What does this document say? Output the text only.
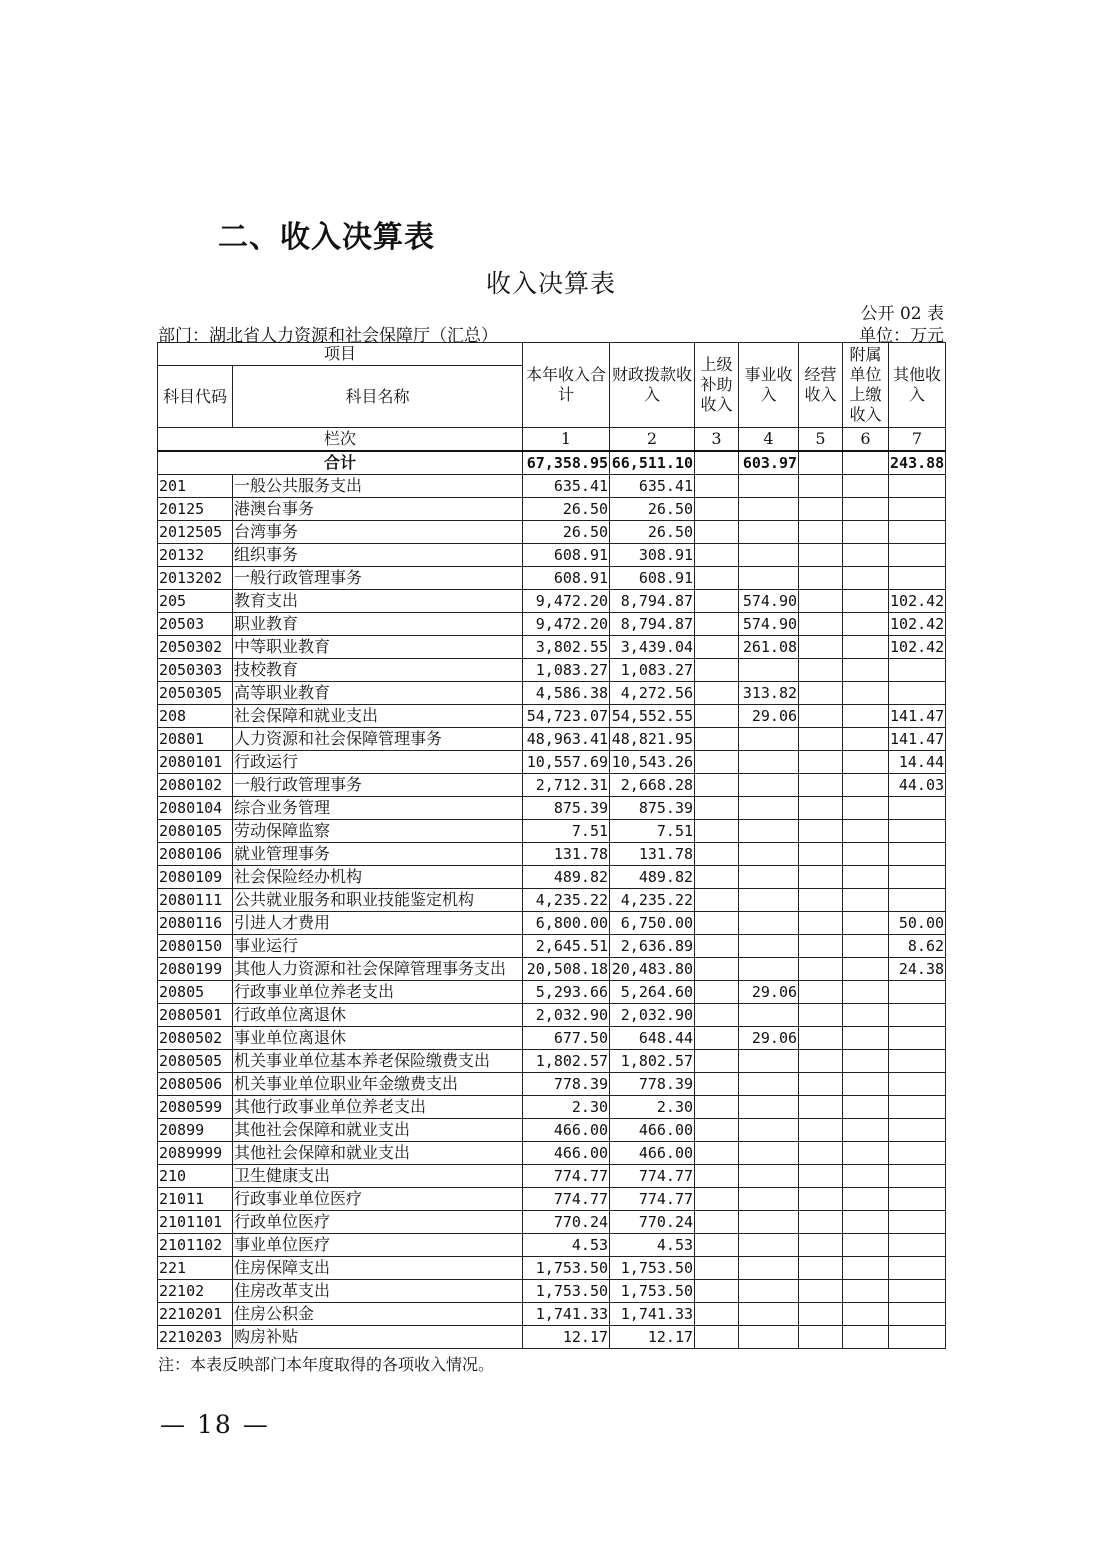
二、收入决算表
收入决算表
公开 02 表
部门：湖北省人力资源和社会保障厅（汇总）	单位：万元
项目		本年收入合计	财政拨款收入	上级补助收入	事业收入	经营收入	附属单位上缴收入	其他收入
科目代码	科目名称							
栏次		1	2	3	4	5	6	7
合计		67,358.95	66,511.10		603.97			243.88
201	一般公共服务支出	635.41	635.41					
20125	港澳台事务	26.50	26.50					
2012505	台湾事务	26.50	26.50					
20132	组织事务	608.91	308.91					
2013202	一般行政管理事务	608.91	608.91					
205	教育支出	9,472.20	8,794.87		574.90			102.42
20503	职业教育	9,472.20	8,794.87		574.90			102.42
2050302	中等职业教育	3,802.55	3,439.04		261.08			102.42
2050303	技校教育	1,083.27	1,083.27					
2050305	高等职业教育	4,586.38	4,272.56		313.82			
208	社会保障和就业支出	54,723.07	54,552.55		29.06			141.47
20801	人力资源和社会保障管理事务	48,963.41	48,821.95					141.47
2080101	行政运行	10,557.69	10,543.26					14.44
2080102	一般行政管理事务	2,712.31	2,668.28					44.03
2080104	综合业务管理	875.39	875.39					
2080105	劳动保障监察	7.51	7.51					
2080106	就业管理事务	131.78	131.78					
2080109	社会保险经办机构	489.82	489.82					
2080111	公共就业服务和职业技能鉴定机构	4,235.22	4,235.22					
2080116	引进人才费用	6,800.00	6,750.00					50.00
2080150	事业运行	2,645.51	2,636.89					8.62
2080199	其他人力资源和社会保障管理事务支出	20,508.18	20,483.80					24.38
20805	行政事业单位养老支出	5,293.66	5,264.60		29.06			
2080501	行政单位离退休	2,032.90	2,032.90					
2080502	事业单位离退休	677.50	648.44		29.06			
2080505	机关事业单位基本养老保险缴费支出	1,802.57	1,802.57					
2080506	机关事业单位职业年金缴费支出	778.39	778.39					
2080599	其他行政事业单位养老支出	2.30	2.30					
20899	其他社会保障和就业支出	466.00	466.00					
2089999	其他社会保障和就业支出	466.00	466.00					
210	卫生健康支出	774.77	774.77					
21011	行政事业单位医疗	774.77	774.77					
2101101	行政单位医疗	770.24	770.24					
2101102	事业单位医疗	4.53	4.53					
221	住房保障支出	1,753.50	1,753.50					
22102	住房改革支出	1,753.50	1,753.50					
2210201	住房公积金	1,741.33	1,741.33					
2210203	购房补贴	12.17	12.17					
注：本表反映部门本年度取得的各项收入情况。
— 18 —
